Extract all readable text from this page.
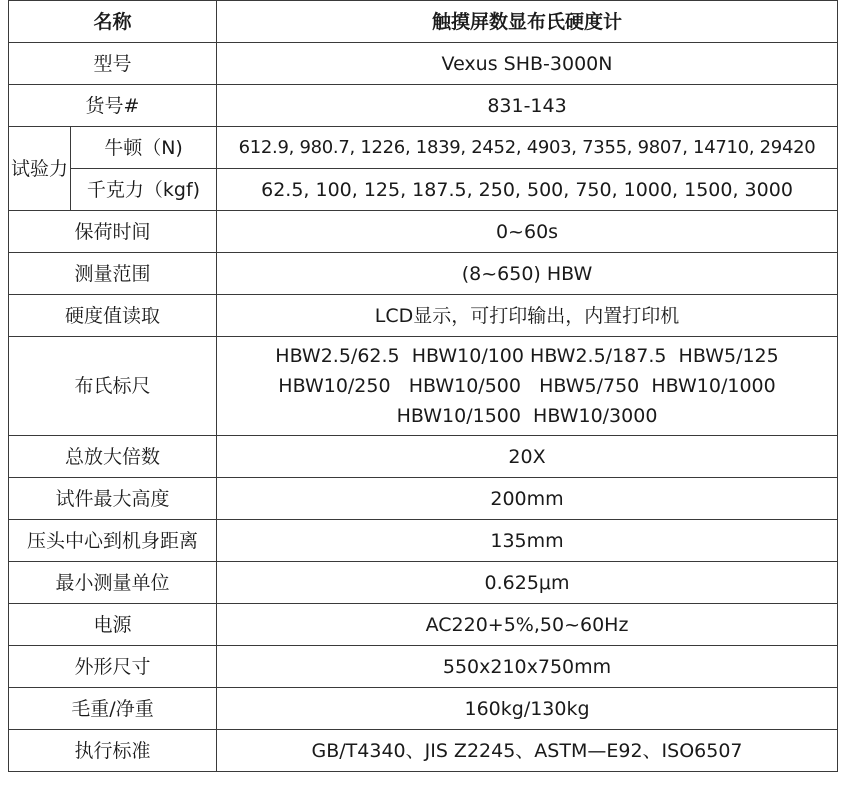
名称		触摸屏数显布氏硬度计
型号		Vexus SHB-3000N
货号#		831-143
试验力	牛顿（N)	612.9, 980.7, 1226, 1839, 2452, 4903, 7355, 9807, 14710, 29420
	千克力（kgf)	62.5, 100, 125, 187.5, 250, 500, 750, 1000, 1500, 3000
保荷时间		0~60s
测量范围		(8~650) HBW
硬度值读取		LCD显示，可打印输出，内置打印机
布氏标尺		HBW2.5/62.5  HBW10/100 HBW2.5/187.5  HBW5/125
HBW10/250   HBW10/500   HBW5/750  HBW10/1000
HBW10/1500  HBW10/3000

总放大倍数		20X
试件最大高度		200mm
压头中心到机身距离		135mm
最小测量单位		0.625μm
电源		AC220+5%,50~60Hz
外形尺寸		550x210x750mm
毛重/净重		160kg/130kg
执行标准		GB/T4340、JIS Z2245、ASTM—E92、ISO6507
